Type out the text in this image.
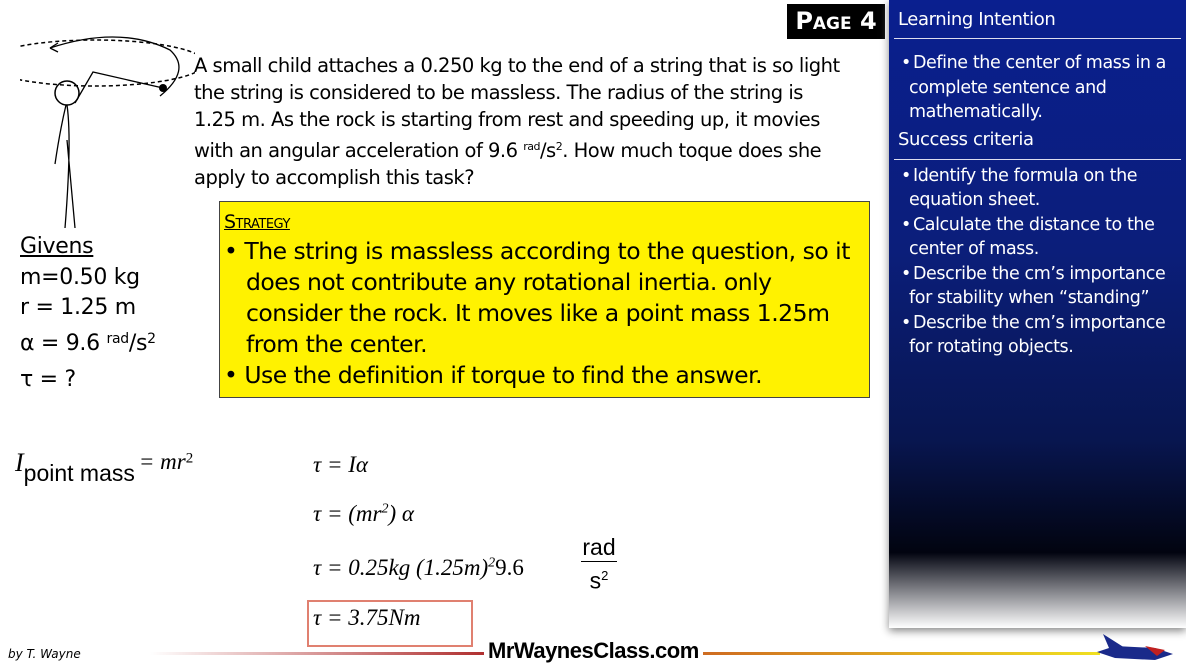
A small child attaches a 0.250 kg to the end of a string that is so light
the string is considered to be massless. The radius of the string is
1.25 m. As the rock is starting from rest and speeding up, it movies
with an angular acceleration of 9.6 $^{rad}/s^2$. How much toque does she
apply to accomplish this task?
Page 4	Learning Intention
• Define the center of mass in a complete sentence and mathematically.
Success criteria
• Identify the formula on the equation sheet.
• Calculate the distance to the center of mass.
• Describe the cm’s importance for stability when “standing”
• Describe the cm’s importance for rotating objects.
Givens
m=0.50 kg
r = 1.25 m
α = 9.6 $^{rad}/s^2$
τ = ?
Strategy
• The string is massless according to the question, so it does not contribute any rotational inertia. only consider the rock. It moves like a point mass 1.25m from the center.
• Use the definition if torque to find the answer.
Ipoint mass = $mr^2$	τ = Iα
$\tau = (mr^2)$ α
τ = 0.25kg $(1.25m)^29.6$
rad
$s^2$
τ = 3.75Nm
by T. Wayne	MrWaynesClass.com
